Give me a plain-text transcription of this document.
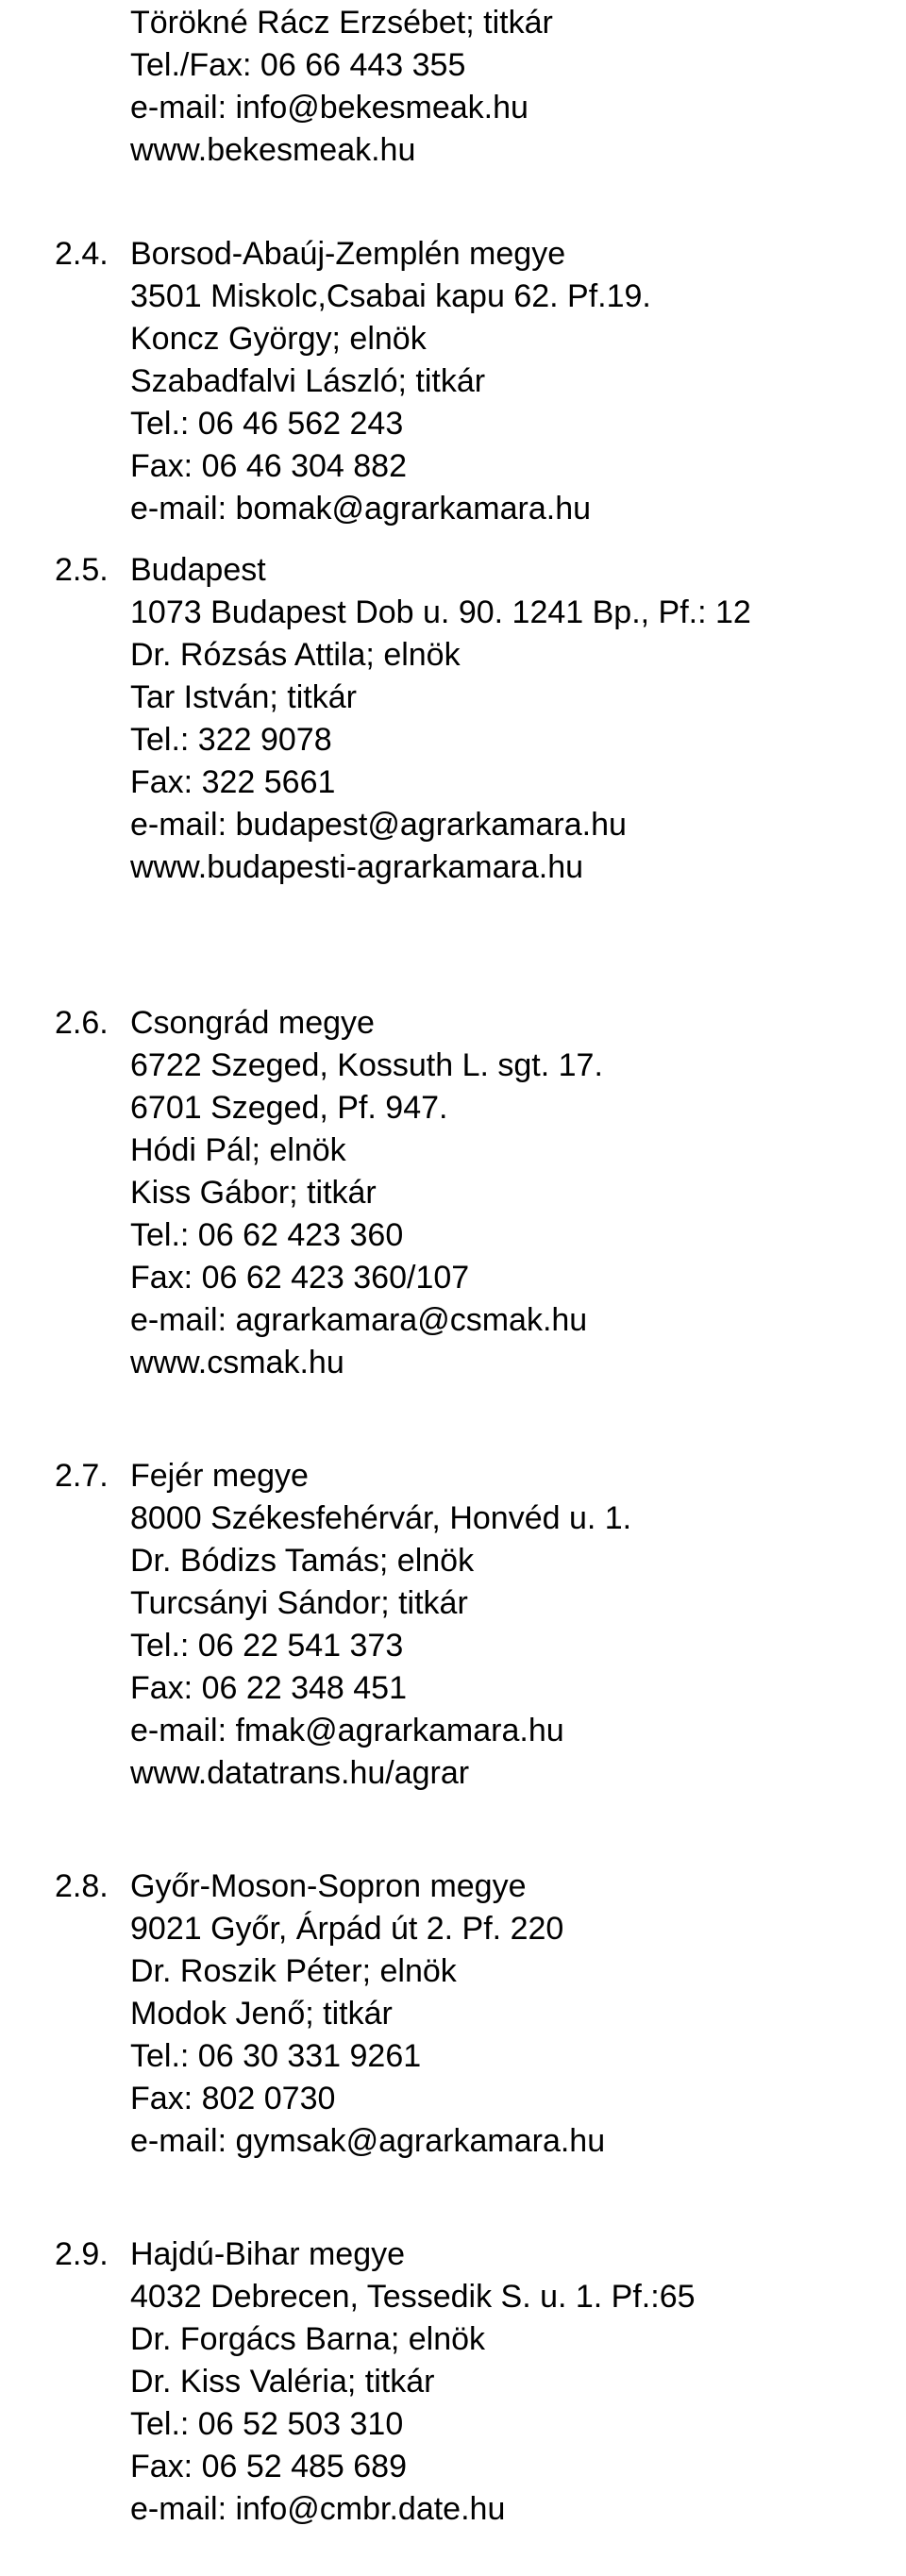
Törökné Rácz Erzsébet; titkár
Tel./Fax: 06 66 443 355
e-mail: info@bekesmeak.hu
www.bekesmeak.hu
2.4. Borsod-Abaúj-Zemplén megye
3501 Miskolc,Csabai kapu 62. Pf.19.
Koncz György; elnök
Szabadfalvi László; titkár
Tel.: 06 46 562 243
Fax: 06 46 304 882
e-mail: bomak@agrarkamara.hu
2.5. Budapest
1073 Budapest Dob u. 90. 1241 Bp., Pf.: 12
Dr. Rózsás Attila; elnök
Tar István; titkár
Tel.: 322 9078
Fax: 322 5661
e-mail: budapest@agrarkamara.hu
www.budapesti-agrarkamara.hu
2.6. Csongrád megye
6722 Szeged, Kossuth L. sgt. 17.
6701 Szeged, Pf. 947.
Hódi Pál; elnök
Kiss Gábor; titkár
Tel.: 06 62 423 360
Fax: 06 62 423 360/107
e-mail: agrarkamara@csmak.hu
www.csmak.hu
2.7. Fejér megye
8000 Székesfehérvár, Honvéd u. 1.
Dr. Bódizs Tamás; elnök
Turcsányi Sándor; titkár
Tel.: 06 22 541 373
Fax: 06 22 348 451
e-mail: fmak@agrarkamara.hu
www.datatrans.hu/agrar
2.8. Győr-Moson-Sopron megye
9021 Győr, Árpád út 2. Pf. 220
Dr. Roszik Péter; elnök
Modok Jenő; titkár
Tel.: 06 30 331 9261
Fax: 802 0730
e-mail: gymsak@agrarkamara.hu
2.9. Hajdú-Bihar megye
4032 Debrecen, Tessedik S. u. 1. Pf.:65
Dr. Forgács Barna; elnök
Dr. Kiss Valéria; titkár
Tel.: 06 52 503 310
Fax: 06 52 485 689
e-mail: info@cmbr.date.hu
